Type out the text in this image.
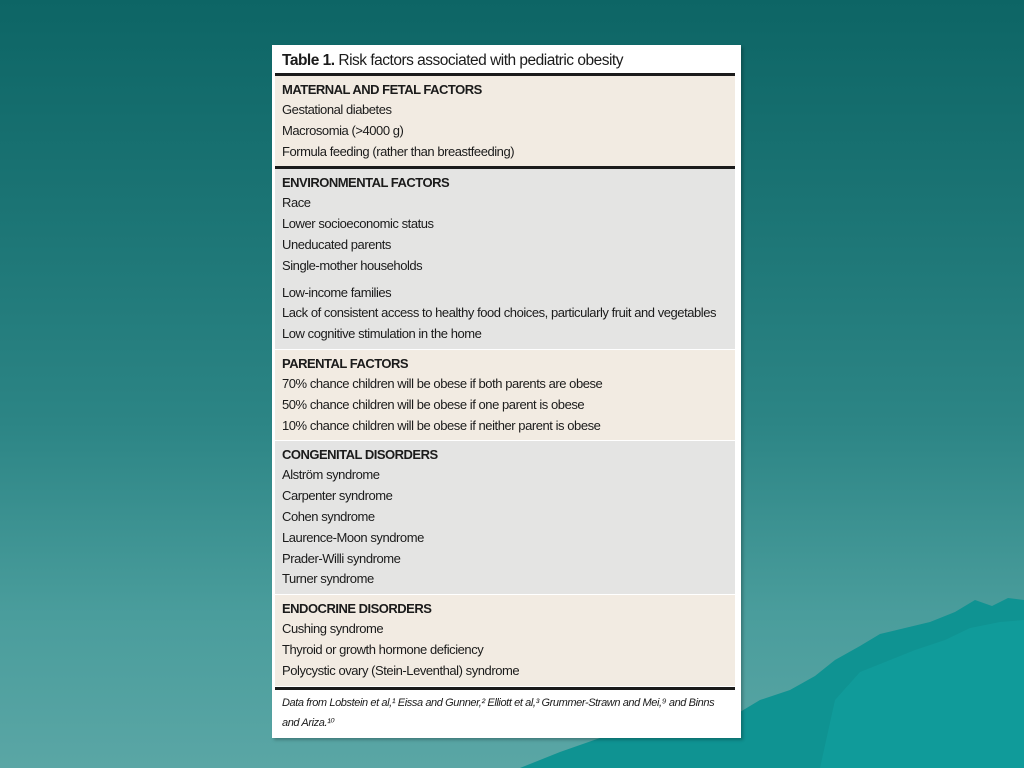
Table 1. Risk factors associated with pediatric obesity
MATERNAL AND FETAL FACTORS
Gestational diabetes
Macrosomia (>4000 g)
Formula feeding (rather than breastfeeding)
ENVIRONMENTAL FACTORS
Race
Lower socioeconomic status
Uneducated parents
Single-mother households
Low-income families
Lack of consistent access to healthy food choices, particularly fruit and vegetables
Low cognitive stimulation in the home
PARENTAL FACTORS
70% chance children will be obese if both parents are obese
50% chance children will be obese if one parent is obese
10% chance children will be obese if neither parent is obese
CONGENITAL DISORDERS
Alström syndrome
Carpenter syndrome
Cohen syndrome
Laurence-Moon syndrome
Prader-Willi syndrome
Turner syndrome
ENDOCRINE DISORDERS
Cushing syndrome
Thyroid or growth hormone deficiency
Polycystic ovary (Stein-Leventhal) syndrome
Data from Lobstein et al,¹ Eissa and Gunner,² Elliott et al,³ Grummer-Strawn and Mei,⁹ and Binns and Ariza.¹⁰
